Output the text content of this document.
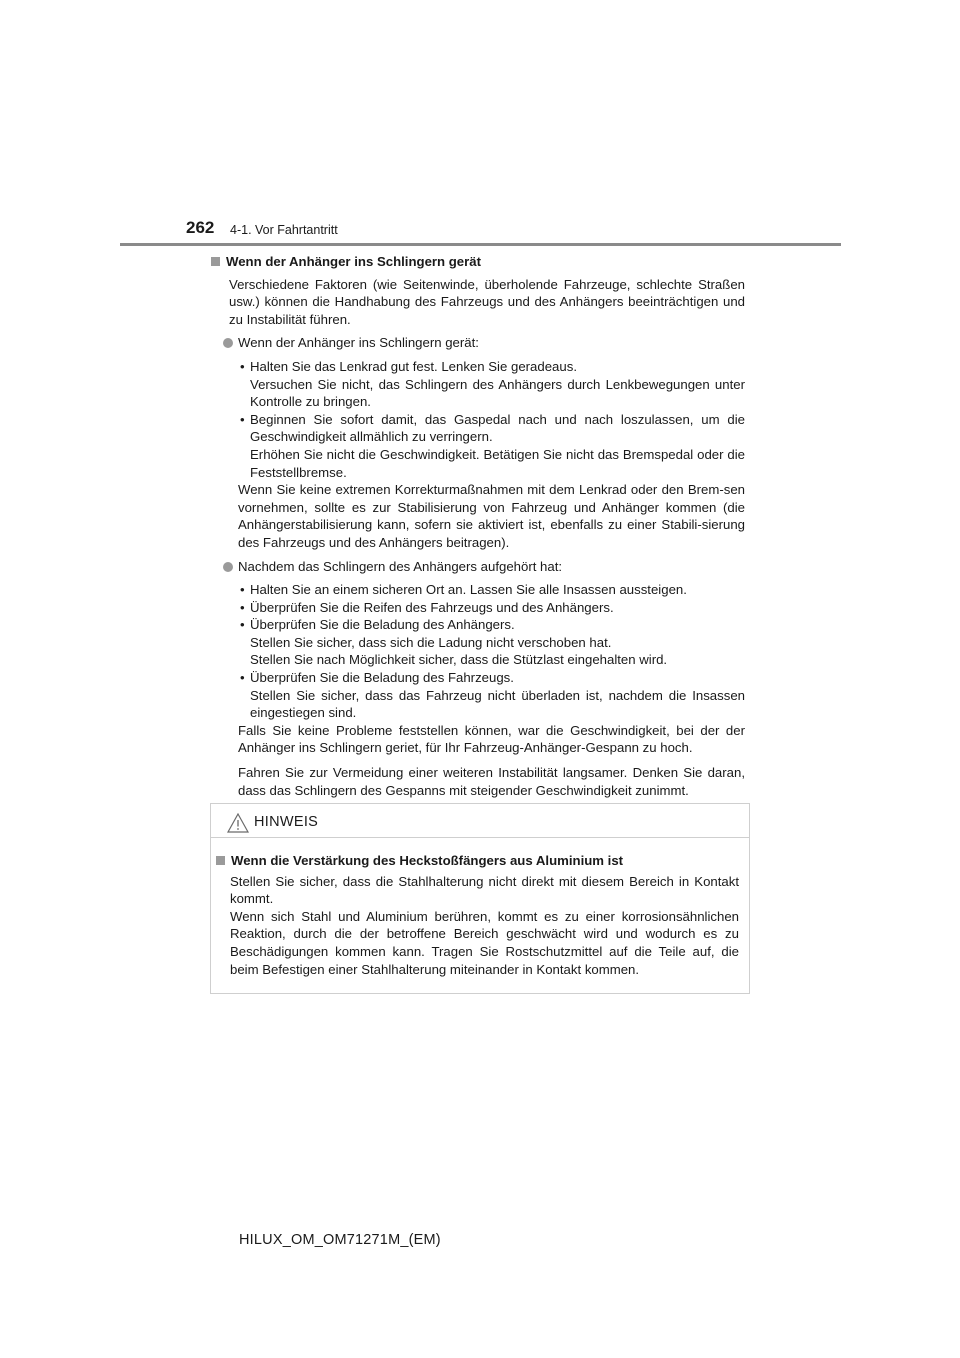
262 4-1. Vor Fahrtantritt
Wenn der Anhänger ins Schlingern gerät

Verschiedene Faktoren (wie Seitenwinde, überholende Fahrzeuge, schlechte Straßen usw.) können die Handhabung des Fahrzeugs und des Anhängers beeinträchtigen und zu Instabilität führen.

Wenn der Anhänger ins Schlingern gerät:

• Halten Sie das Lenkrad gut fest. Lenken Sie geradeaus.

Versuchen Sie nicht, das Schlingern des Anhängers durch Lenkbewegungen unter Kontrolle zu bringen.

• Beginnen Sie sofort damit, das Gaspedal nach und nach loszulassen, um die Geschwindigkeit allmählich zu verringern.

Erhöhen Sie nicht die Geschwindigkeit. Betätigen Sie nicht das Bremspedal oder die Feststellbremse.

Wenn Sie keine extremen Korrekturmaßnahmen mit dem Lenkrad oder den Brem-sen vornehmen, sollte es zur Stabilisierung von Fahrzeug und Anhänger kommen (die Anhängerstabilisierung kann, sofern sie aktiviert ist, ebenfalls zu einer Stabili-sierung des Fahrzeugs und des Anhängers beitragen).

Nachdem das Schlingern des Anhängers aufgehört hat:

• Halten Sie an einem sicheren Ort an. Lassen Sie alle Insassen aussteigen.

• Überprüfen Sie die Reifen des Fahrzeugs und des Anhängers.

• Überprüfen Sie die Beladung des Anhängers.

Stellen Sie sicher, dass sich die Ladung nicht verschoben hat.

Stellen Sie nach Möglichkeit sicher, dass die Stützlast eingehalten wird.

• Überprüfen Sie die Beladung des Fahrzeugs.

Stellen Sie sicher, dass das Fahrzeug nicht überladen ist, nachdem die Insassen eingestiegen sind.

Falls Sie keine Probleme feststellen können, war die Geschwindigkeit, bei der der Anhänger ins Schlingern geriet, für Ihr Fahrzeug-Anhänger-Gespann zu hoch.

Fahren Sie zur Vermeidung einer weiteren Instabilität langsamer. Denken Sie daran, dass das Schlingern des Gespanns mit steigender Geschwindigkeit zunimmt.

HINWEIS
Wenn die Verstärkung des Heckstoßfängers aus Aluminium ist

Stellen Sie sicher, dass die Stahlhalterung nicht direkt mit diesem Bereich in Kontakt kommt.

Wenn sich Stahl und Aluminium berühren, kommt es zu einer korrosionsähnlichen Reaktion, durch die der betroffene Bereich geschwächt wird und wodurch es zu Beschädigungen kommen kann. Tragen Sie Rostschutzmittel auf die Teile auf, die beim Befestigen einer Stahlhalterung miteinander in Kontakt kommen.

HILUX_OM_OM71271M_(EM)
